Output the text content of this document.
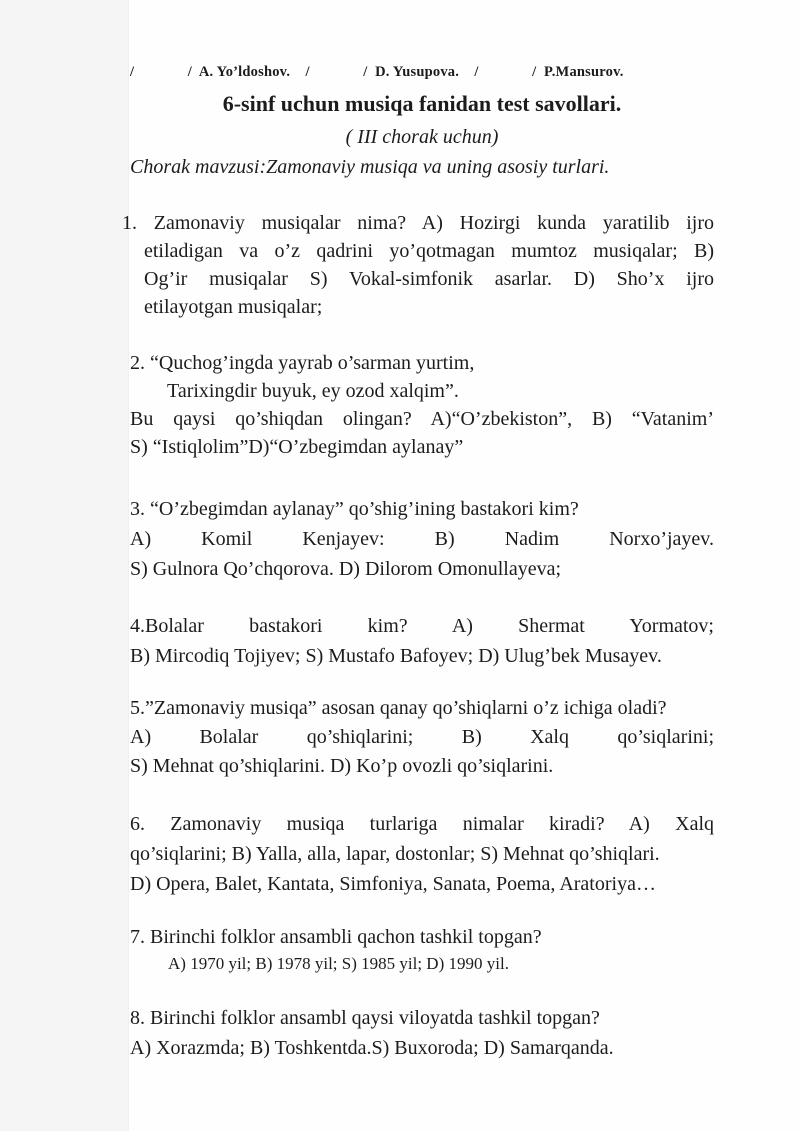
/              /  A. Yo’ldoshov.    /              /  D. Yusupova.    /              /  P.Mansurov.
6-sinf uchun musiqa fanidan test savollari.
( III chorak uchun)
Chorak mavzusi:Zamonaviy musiqa va uning asosiy turlari.
1. Zamonaviy musiqalar nima? A) Hozirgi kunda yaratilib ijro
etiladigan va o’z qadrini yo’qotmagan mumtoz musiqalar; B)
Og’ir musiqalar S) Vokal-simfonik asarlar. D) Sho’x ijro
etilayotgan musiqalar;
2. “Quchog’ingda yayrab o’sarman yurtim,
Tarixingdir buyuk, ey ozod xalqim”.
Bu qaysi qo’shiqdan olingan? A)“O’zbekiston”, B) “Vatanim’
S) “Istiqlolim”D)“O’zbegimdan aylanay”
3. “O’zbegimdan aylanay” qo’shig’ining bastakori kim?
A) Komil Kenjayev: B) Nadim Norxo’jayev.
S) Gulnora Qo’chqorova. D) Dilorom Omonullayeva;
4.Bolalar bastakori kim? A) Shermat Yormatov;
B) Mircodiq Tojiyev; S) Mustafo Bafoyev; D) Ulug’bek Musayev.
5.”Zamonaviy musiqa” asosan qanay qo’shiqlarni o’z ichiga oladi?
A) Bolalar qo’shiqlarini; B) Xalq qo’siqlarini;
S) Mehnat qo’shiqlarini. D) Ko’p ovozli qo’siqlarini.
6. Zamonaviy musiqa turlariga nimalar kiradi? A) Xalq
qo’siqlarini; B) Yalla, alla, lapar, dostonlar; S) Mehnat qo’shiqlari.
D) Opera, Balet, Kantata, Simfoniya, Sanata, Poema, Aratoriya…
7. Birinchi folklor ansambli qachon tashkil topgan?
A) 1970 yil; B) 1978 yil; S) 1985 yil; D) 1990 yil.
8. Birinchi folklor ansambl qaysi viloyatda tashkil topgan?
A) Xorazmda; B) Toshkentda.S) Buxoroda; D) Samarqanda.
